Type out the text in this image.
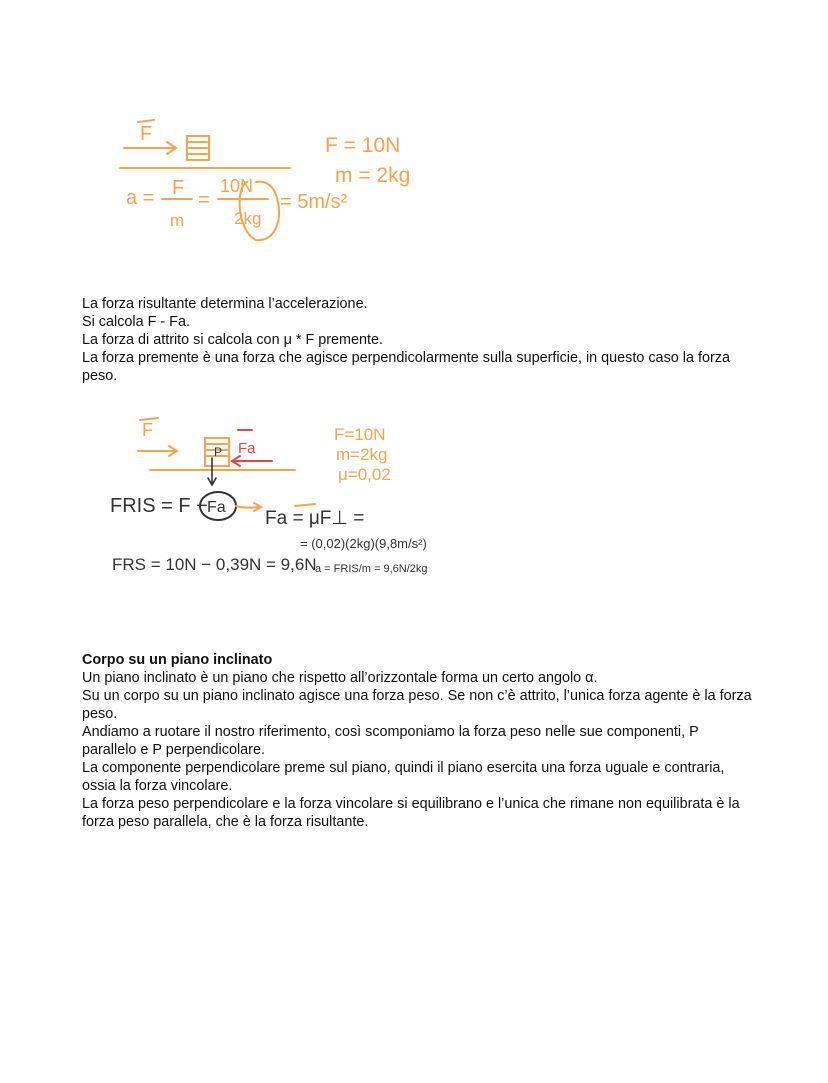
F	F = 10N
m = 2kg
a = F
m
=
10N
2kg
= 5m/s²

La forza risultante determina l’accelerazione.

Si calcola F - Fa.

La forza di attrito si calcola con μ * F premente.

La forza premente è una forza che agisce perpendicolarmente sulla superficie, in questo caso la forza peso.

F	F=10N
m=2kg
μ=0,02
Fa
P
FRIS = F − Fa
Fa = μF⊥ =
= (0,02)(2kg)(9,8m/s²)
FRS = 10N − 0,39N = 9,6N
a = FRIS/m = 9,6N/2kg

Corpo su un piano inclinato

Un piano inclinato è un piano che rispetto all’orizzontale forma un certo angolo α.

Su un corpo su un piano inclinato agisce una forza peso. Se non c’è attrito, l’unica forza agente è la forza peso.

Andiamo a ruotare il nostro riferimento, così scomponiamo la forza peso nelle sue componenti, P parallelo e P perpendicolare.

La componente perpendicolare preme sul piano, quindi il piano esercita una forza uguale e contraria, ossia la forza vincolare.

La forza peso perpendicolare e la forza vincolare si equilibrano e l’unica che rimane non equilibrata è la forza peso parallela, che è la forza risultante.
